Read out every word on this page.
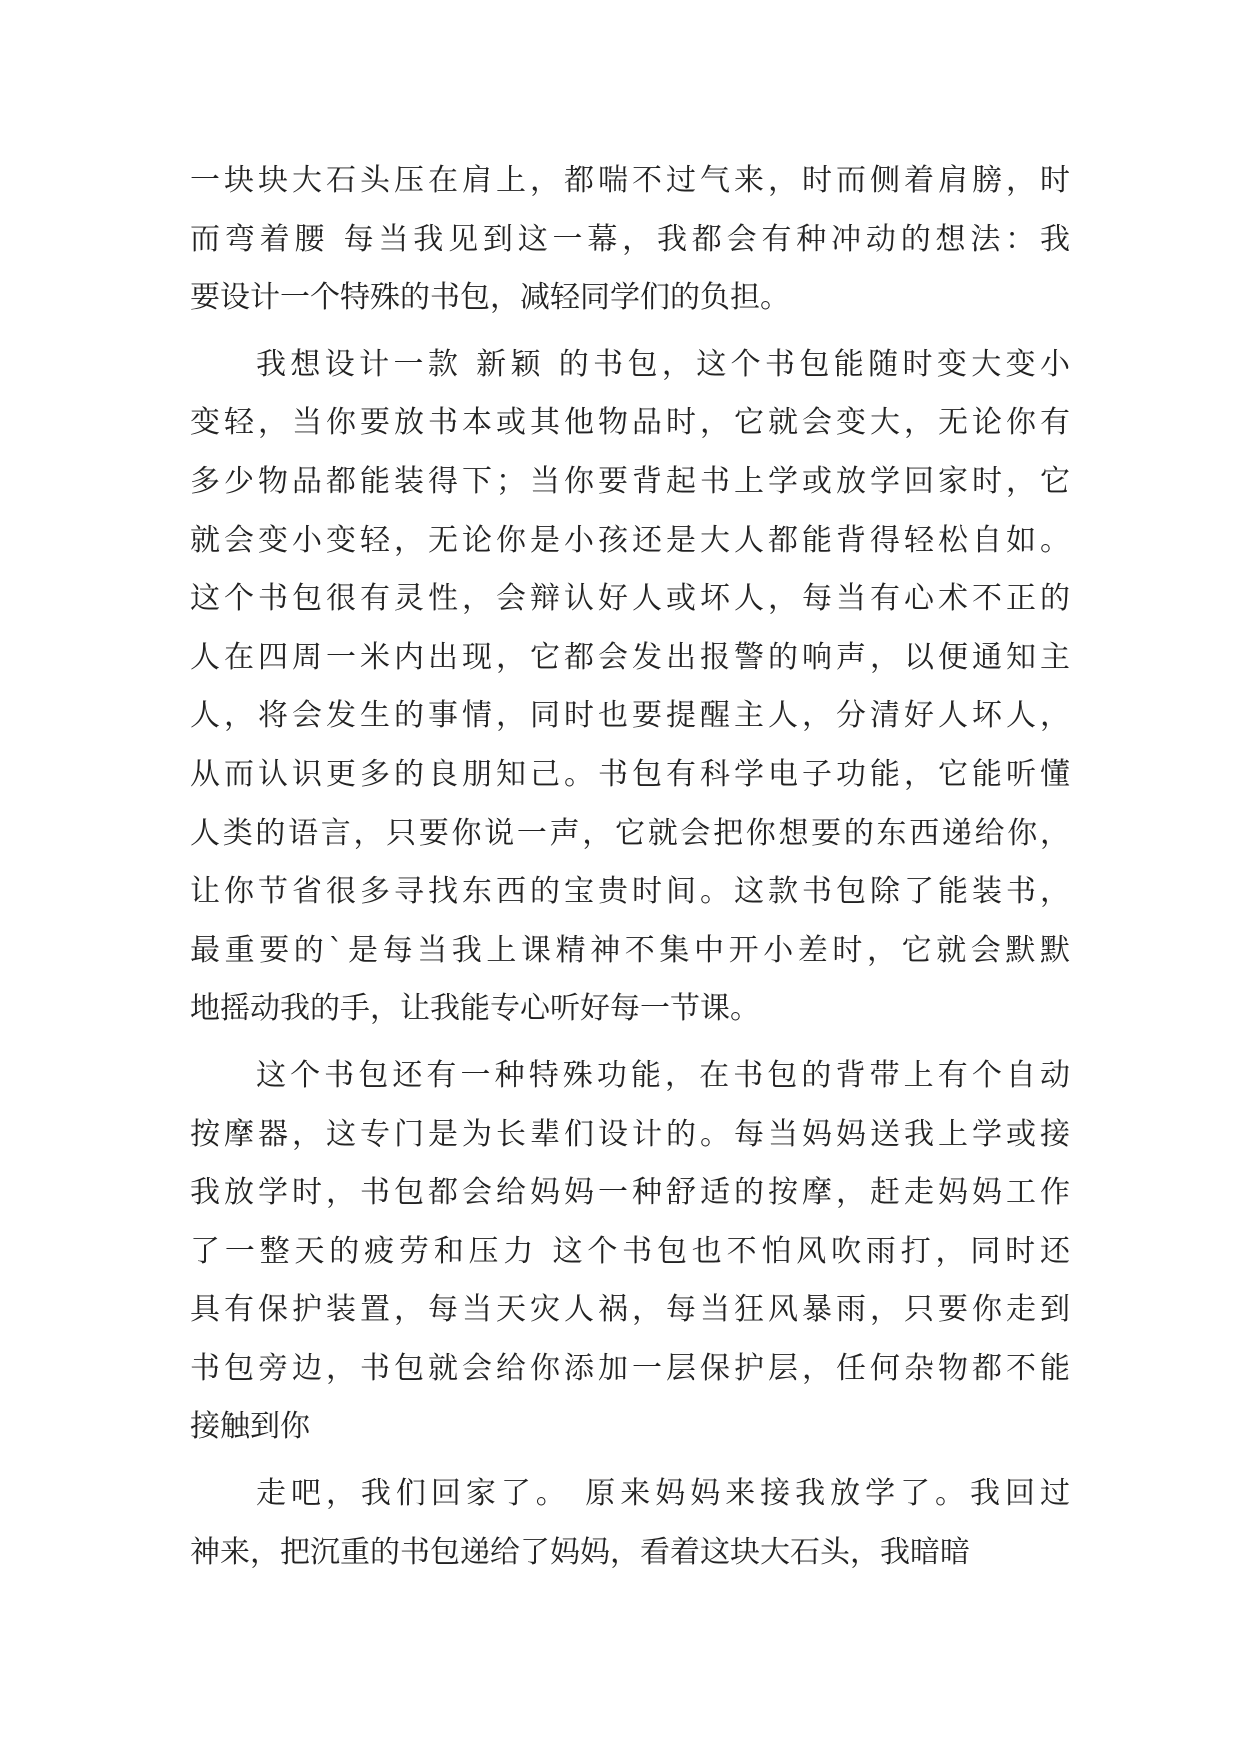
一块块大石头压在肩上，都喘不过气来，时而侧着肩膀，时
而弯着腰 每当我见到这一幕，我都会有种冲动的想法：我
要设计一个特殊的书包，减轻同学们的负担。
我想设计一款 新颖 的书包，这个书包能随时变大变小
变轻，当你要放书本或其他物品时，它就会变大，无论你有
多少物品都能装得下；当你要背起书上学或放学回家时，它
就会变小变轻，无论你是小孩还是大人都能背得轻松自如。
这个书包很有灵性，会辩认好人或坏人，每当有心术不正的
人在四周一米内出现，它都会发出报警的响声，以便通知主
人，将会发生的事情，同时也要提醒主人，分清好人坏人，
从而认识更多的良朋知己。书包有科学电子功能，它能听懂
人类的语言，只要你说一声，它就会把你想要的东西递给你，
让你节省很多寻找东西的宝贵时间。这款书包除了能装书，
最重要的`是每当我上课精神不集中开小差时，它就会默默
地摇动我的手，让我能专心听好每一节课。
这个书包还有一种特殊功能，在书包的背带上有个自动
按摩器，这专门是为长辈们设计的。每当妈妈送我上学或接
我放学时，书包都会给妈妈一种舒适的按摩，赶走妈妈工作
了一整天的疲劳和压力 这个书包也不怕风吹雨打，同时还
具有保护装置，每当天灾人祸，每当狂风暴雨，只要你走到
书包旁边，书包就会给你添加一层保护层，任何杂物都不能
接触到你
走吧，我们回家了。 原来妈妈来接我放学了。我回过
神来，把沉重的书包递给了妈妈，看着这块大石头，我暗暗
